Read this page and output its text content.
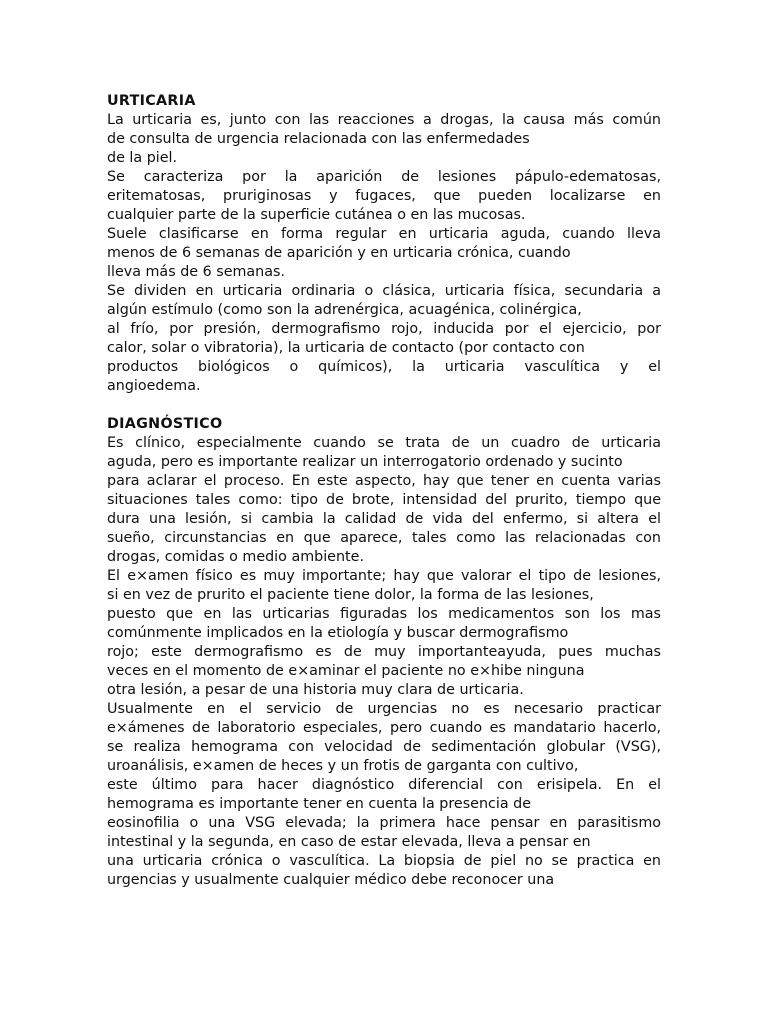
URTICARIA
La urticaria es, junto con las reacciones a drogas, la causa más común
de consulta de urgencia relacionada con las enfermedades
de la piel.
Se caracteriza por la aparición de lesiones pápulo-edematosas,
eritematosas, pruriginosas y fugaces, que pueden localizarse en
cualquier parte de la superficie cutánea o en las mucosas.
Suele clasificarse en forma regular en urticaria aguda, cuando lleva
menos de 6 semanas de aparición y en urticaria crónica, cuando
lleva más de 6 semanas.
Se dividen en urticaria ordinaria o clásica, urticaria física, secundaria a
algún estímulo (como son la adrenérgica, acuagénica, colinérgica,
al frío, por presión, dermografismo rojo, inducida por el ejercicio, por
calor, solar o vibratoria), la urticaria de contacto (por contacto con
productos biológicos o químicos), la urticaria vasculítica y el
angioedema.
DIAGNÓSTICO
Es clínico, especialmente cuando se trata de un cuadro de urticaria
aguda, pero es importante realizar un interrogatorio ordenado y sucinto
para aclarar el proceso. En este aspecto, hay que tener en cuenta varias
situaciones tales como: tipo de brote, intensidad del prurito, tiempo que
dura una lesión, si cambia la calidad de vida del enfermo, si altera el
sueño, circunstancias en que aparece, tales como las relacionadas con
drogas, comidas o medio ambiente.
El e×amen físico es muy importante; hay que valorar el tipo de lesiones,
si en vez de prurito el paciente tiene dolor, la forma de las lesiones,
puesto que en las urticarias figuradas los medicamentos son los mas
comúnmente implicados en la etiología y buscar dermografismo
rojo; este dermografismo es de muy importanteayuda, pues muchas
veces en el momento de e×aminar el paciente no e×hibe ninguna
otra lesión, a pesar de una historia muy clara de urticaria.
Usualmente en el servicio de urgencias no es necesario practicar
e×ámenes de laboratorio especiales, pero cuando es mandatario hacerlo,
se realiza hemograma con velocidad de sedimentación globular (VSG),
uroanálisis, e×amen de heces y un frotis de garganta con cultivo,
este último para hacer diagnóstico diferencial con erisipela. En el
hemograma es importante tener en cuenta la presencia de
eosinofilia o una VSG elevada; la primera hace pensar en parasitismo
intestinal y la segunda, en caso de estar elevada, lleva a pensar en
una urticaria crónica o vasculítica. La biopsia de piel no se practica en
urgencias y usualmente cualquier médico debe reconocer una
